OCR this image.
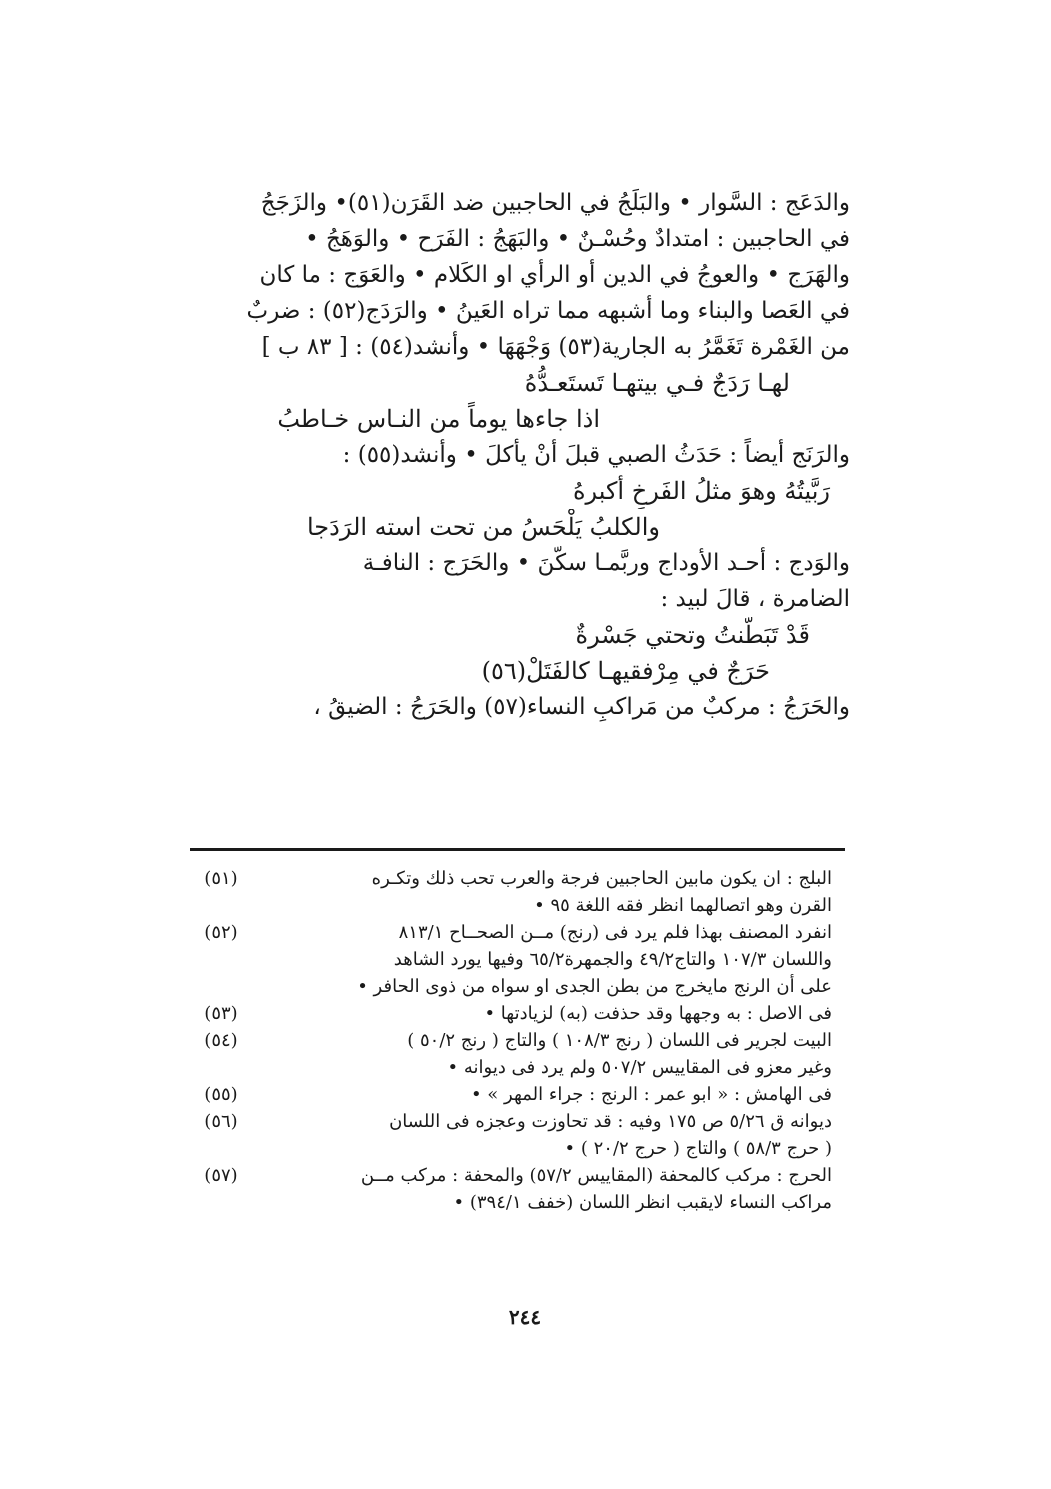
والدَعَج : السَّوار • والبَلَجُ في الحاجبين ضد القَرَن(٥١)• والزَجَجُ
في الحاجبين : امتدادٌ وحُسْـنٌ • والبَهَجُ : الفَرَح • والوَهَجُ •
والهَرَج • والعوجُ في الدين أو الرأي او الكَلام • والعَوَج : ما كان
في العَصا والبناء وما أشبهه مما تراه العَينُ • والرَدَج(٥٢) : ضربٌ
من الغَمْرة تَغَمَّرُ به الجارية(٥٣) وَجْهَهَا • وأنشد(٥٤) : [ ٨٣ ب ]
لهـا رَدَجٌ فـي بيتهـا تَستَعـدُّهُ
اذا جاءها يوماً من النـاس خـاطبُ
والرَنَج أيضاً : حَدَثُ الصبي قبلَ أنْ يأكلَ • وأنشد(٥٥) :
رَبَّيتُهُ وهوَ مثلُ الفَرخِ أكبرهُ
والكلبُ يَلْحَسُ من تحت استه الرَدَجا
والوَدج : أحـد الأوداج وربَّمـا سكّنَ • والحَرَج : النافـة
الضامرة ، قالَ لبيد :
قَدْ تَبَطَّنتُ وتحتي جَسْرةٌ
حَرَجٌ في مِرْفقيهـا كالفَتَلْ(٥٦)
والحَرَجُ : مركبٌ من مَراكبِ النساء(٥٧) والحَرَجُ : الضيقُ ،
البلج : ان يكون مابين الحاجبين فرجة والعرب تحب ذلك وتكـره
القرن وهو اتصالهما انظر فقه اللغة ٩٥ •
(٥١)
انفرد المصنف بهذا فلم يرد فى (رنج) مــن الصحــاح ٨١٣/١
واللسان ١٠٧/٣ والتاج٤٩/٢ والجمهرة٦٥/٢ وفيها يورد الشاهد
على أن الرنج مايخرج من بطن الجدى او سواه من ذوى الحافر •
(٥٢)
فى الاصل : به وجهها وقد حذفت (به) لزيادتها •
(٥٣)
البيت لجرير فى اللسان ( رنج ١٠٨/٣ ) والتاج ( رنج ٥٠/٢ )
وغير معزو فى المقاييس ٥٠٧/٢ ولم يرد فى ديوانه •
(٥٤)
فى الهامش : « ابو عمر : الرنج : جراء المهر » •
(٥٥)
ديوانه ق ٥/٢٦ ص ١٧٥ وفيه : قد تحاوزت وعجزه فى اللسان
( حرج ٥٨/٣ ) والتاج ( حرج ٢٠/٢ ) •
(٥٦)
الحرج : مركب كالمحفة (المقاييس ٥٧/٢) والمحفة : مركب مــن
مراكب النساء لايقبب انظر اللسان (خفف ٣٩٤/١) •
(٥٧)
٢٤٤
